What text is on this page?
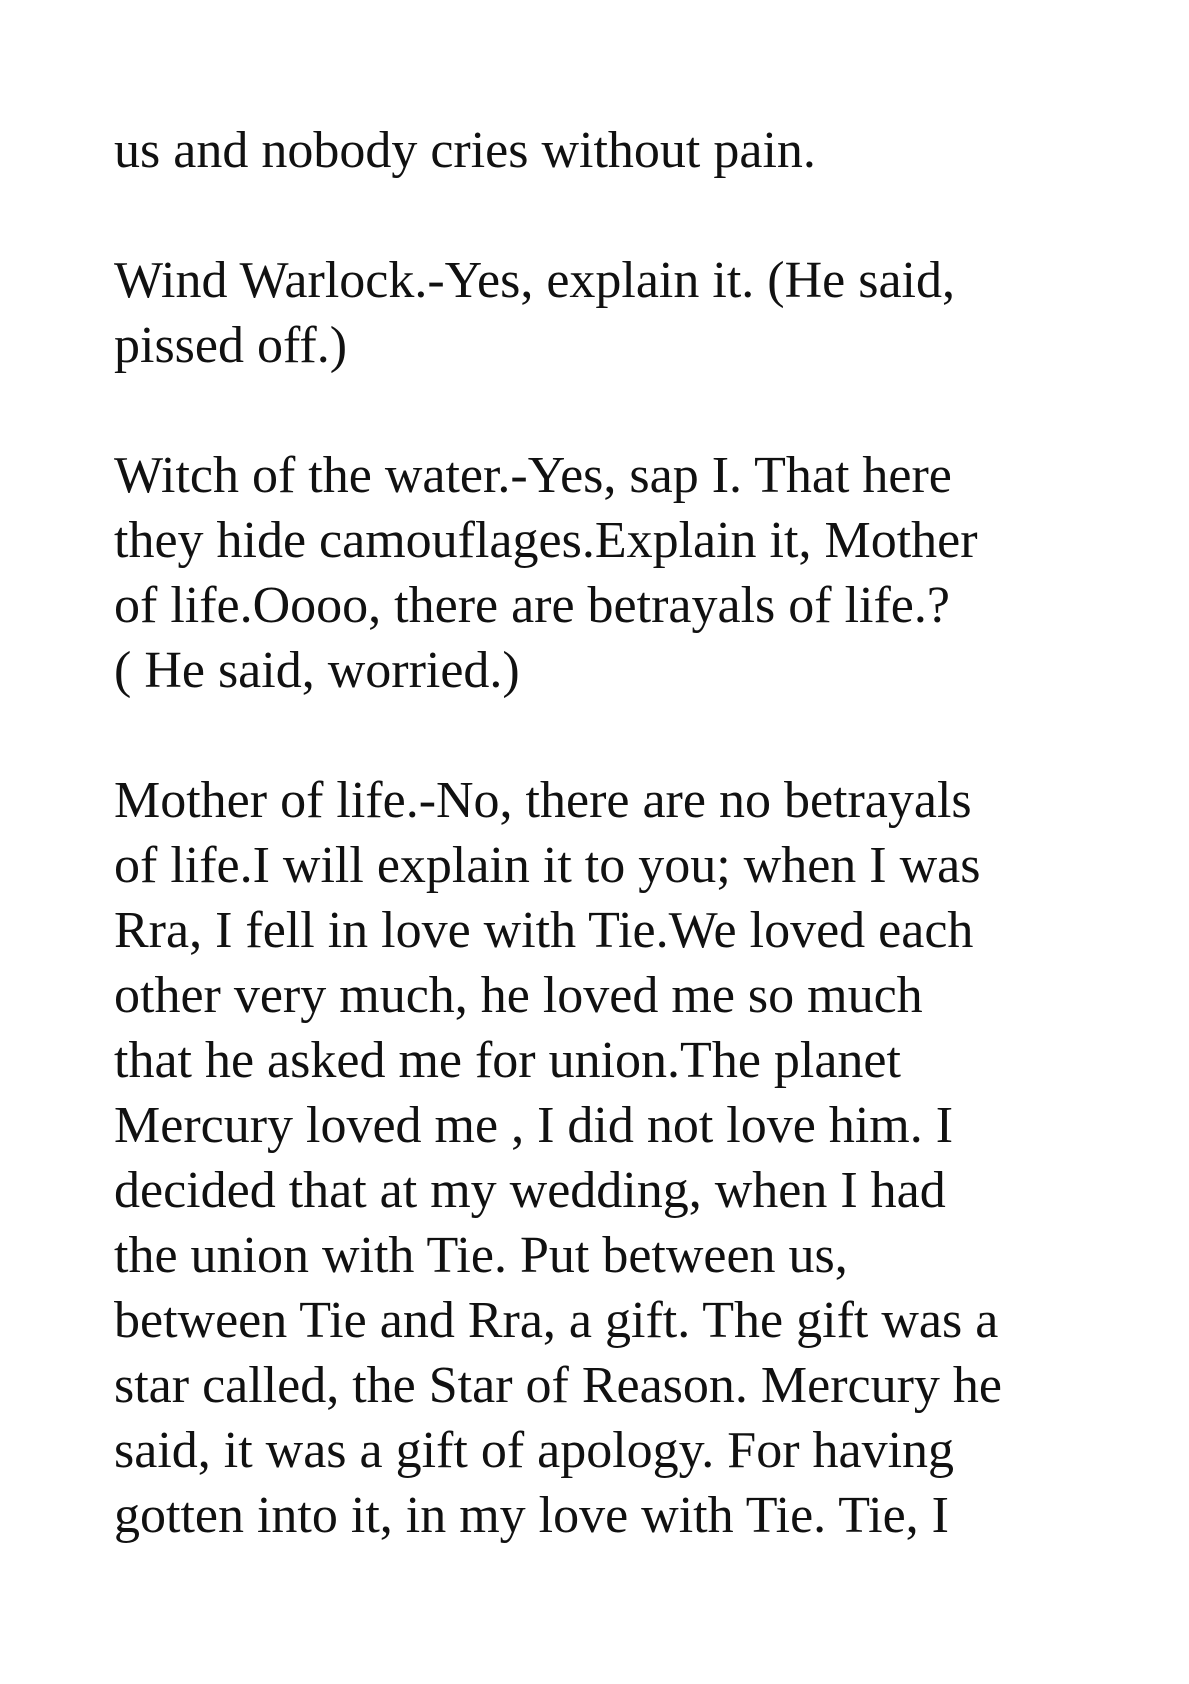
us and nobody cries without pain.

Wind Warlock.-Yes, explain it. (He said,
pissed off.)

Witch of the water.-Yes, sap I. That here
they hide camouflages.Explain it, Mother
of life.Oooo, there are betrayals of life.?
( He said, worried.)

Mother of life.-No, there are no betrayals
of life.I will explain it to you; when I was
Rra, I fell in love with Tie.We loved each
other very much, he loved me so much
that he asked me for union.The planet
Mercury loved me , I did not love him. I
decided that at my wedding, when I had
the union with Tie. Put between us,
between Tie and Rra, a gift. The gift was a
star called, the Star of Reason. Mercury he
said, it was a gift of apology. For having
gotten into it, in my love with Tie. Tie, I
